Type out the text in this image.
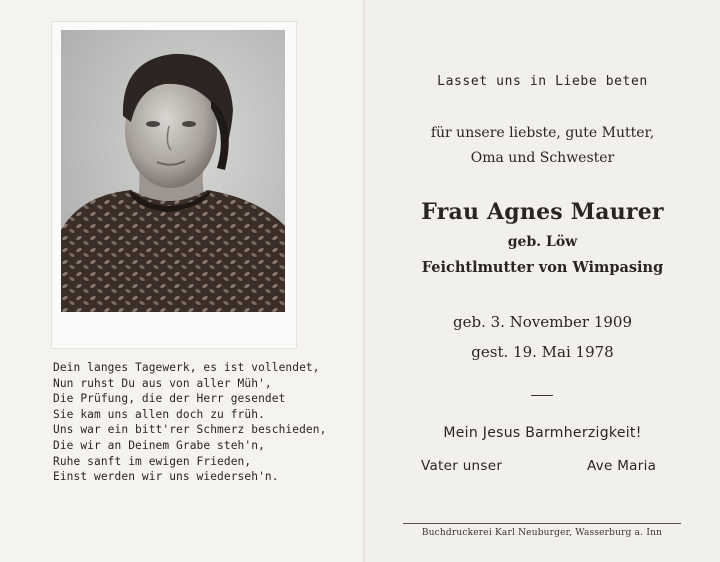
Dein langes Tagewerk, es ist vollendet,
Nun ruhst Du aus von aller Müh',
Die Prüfung, die der Herr gesendet
Sie kam uns allen doch zu früh.
Uns war ein bitt'rer Schmerz beschieden,
Die wir an Deinem Grabe steh'n,
Ruhe sanft im ewigen Frieden,
Einst werden wir uns wiederseh'n.
Lasset uns in Liebe beten
für unsere liebste, gute Mutter,
Oma und Schwester
Frau Agnes Maurer
geb. Löw
Feichtlmutter von Wimpasing
geb. 3. November 1909
gest. 19. Mai 1978
Mein Jesus Barmherzigkeit!
Vater unser	Ave Maria
Buchdruckerei Karl Neuburger, Wasserburg a. Inn
